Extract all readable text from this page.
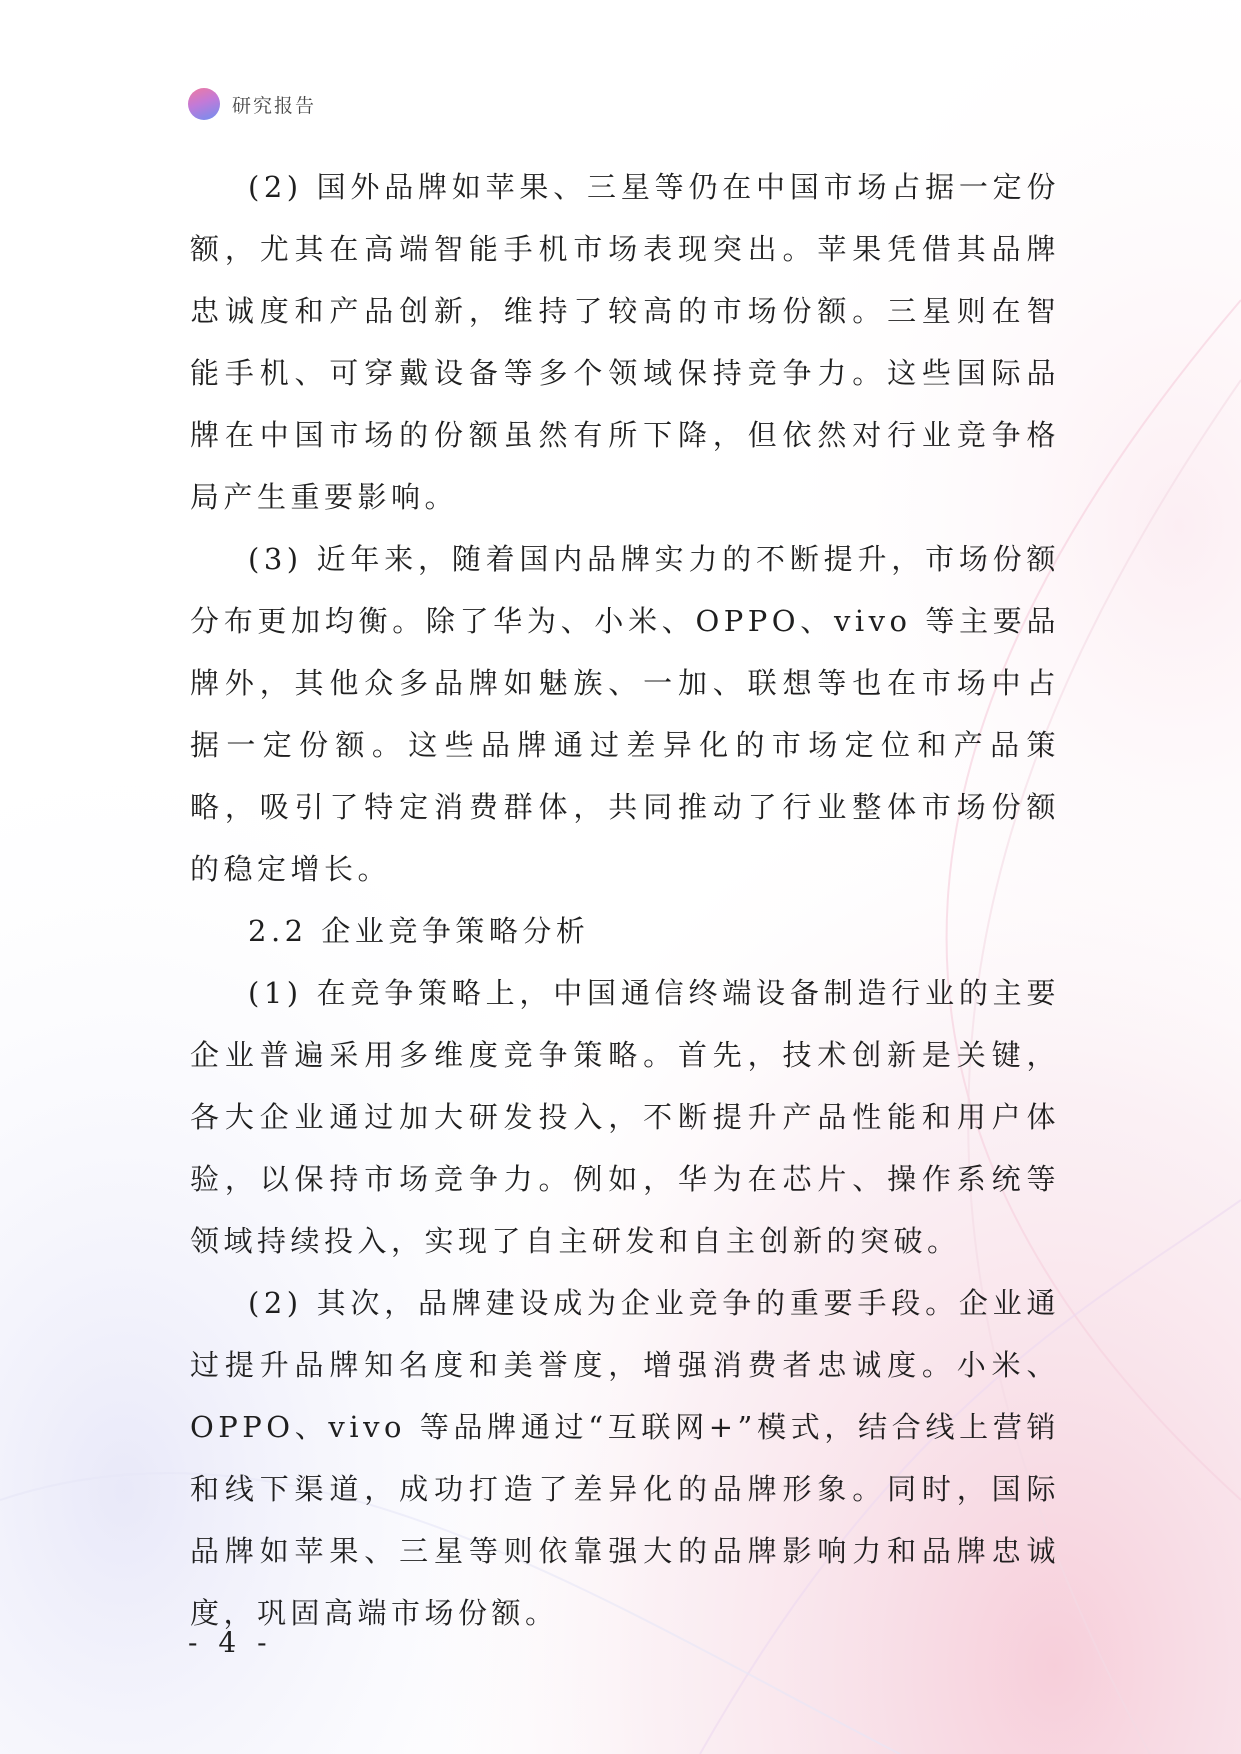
研究报告

(2) 国外品牌如苹果、三星等仍在中国市场占据一定份额，尤其在高端智能手机市场表现突出。苹果凭借其品牌忠诚度和产品创新，维持了较高的市场份额。三星则在智能手机、可穿戴设备等多个领域保持竞争力。这些国际品牌在中国市场的份额虽然有所下降，但依然对行业竞争格局产生重要影响。

(3) 近年来，随着国内品牌实力的不断提升，市场份额分布更加均衡。除了华为、小米、OPPO、vivo 等主要品牌外，其他众多品牌如魅族、一加、联想等也在市场中占据一定份额。这些品牌通过差异化的市场定位和产品策略，吸引了特定消费群体，共同推动了行业整体市场份额的稳定增长。

2.2 企业竞争策略分析

(1) 在竞争策略上，中国通信终端设备制造行业的主要企业普遍采用多维度竞争策略。首先，技术创新是关键，各大企业通过加大研发投入，不断提升产品性能和用户体验，以保持市场竞争力。例如，华为在芯片、操作系统等领域持续投入，实现了自主研发和自主创新的突破。

(2) 其次，品牌建设成为企业竞争的重要手段。企业通过提升品牌知名度和美誉度，增强消费者忠诚度。小米、OPPO、vivo 等品牌通过“互联网+”模式，结合线上营销和线下渠道，成功打造了差异化的品牌形象。同时，国际品牌如苹果、三星等则依靠强大的品牌影响力和品牌忠诚度，巩固高端市场份额。

- 4 -
